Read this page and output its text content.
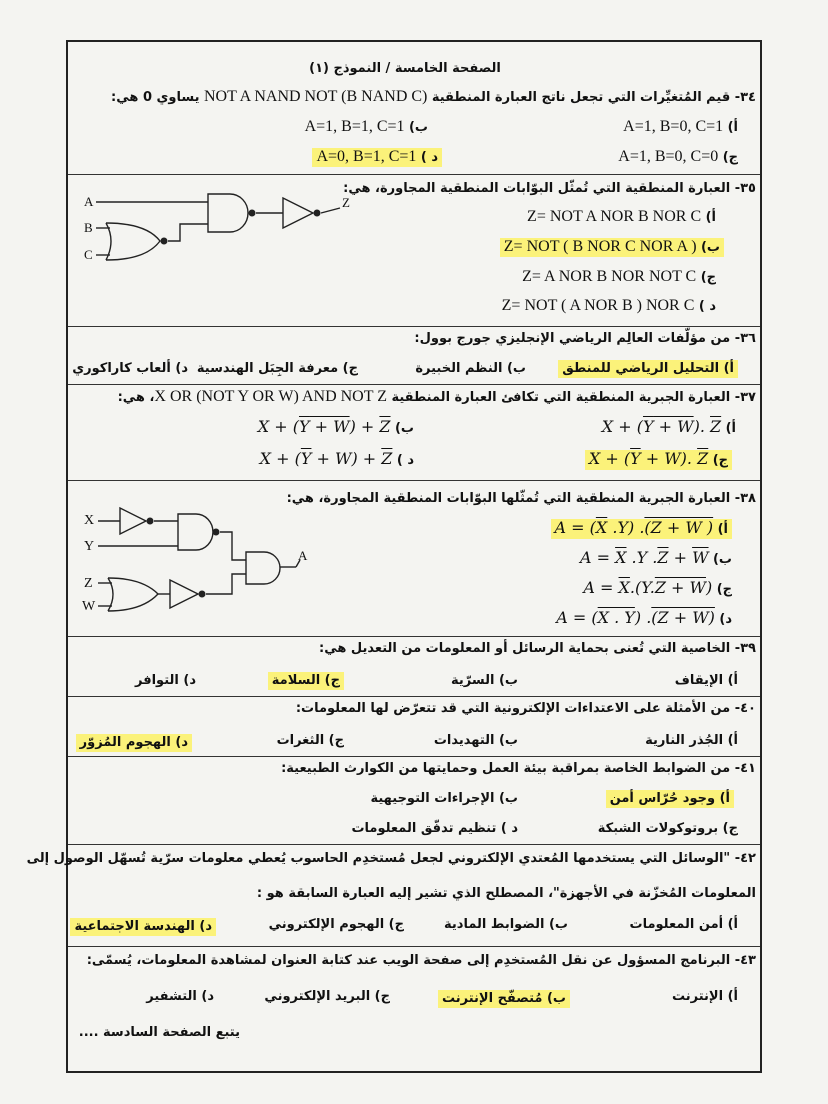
الصفحة الخامسة / النموذج (١)
٣٤- قيم المُتغيِّرات التي تجعل ناتج العبارة المنطقية NOT A NAND NOT (B NAND C) يساوي 0 هي:
أ) A=1, B=0, C=1
ب) A=1, B=1, C=1
ج) A=1, B=0, C=0
د ) A=0, B=1, C=1
٣٥- العبارة المنطقية التي تُمثّل البوّابات المنطقية المجاورة، هي:
أ) Z= NOT A NOR B NOR C
ب) Z= NOT ( B NOR C NOR A )
ج) Z= A NOR B NOR NOT C
د ) Z= NOT ( A NOR B ) NOR C
A
B
C
Z
٣٦- من مؤلّفات العالِم الرياضي الإنجليزي جورج بوول:
أ) التحليل الرياضي للمنطق
ب) النظم الخبيرة
ج) معرفة الجِبَل الهندسية
د) ألعاب كاراكوري
٣٧- العبارة الجبرية المنطقية التي تكافئ العبارة المنطقية X OR (NOT Y OR W) AND NOT Z، هي:
أ) X + (Y + W). $\overline{Z}$
ب) $X + (Y + W) + \overline{Z}$
ج) $X + (\overline{Y} + W)$. $\overline{Z}$
د ) $X + (\overline{Y} + W) + \overline{Z}$
٣٨- العبارة الجبرية المنطقية التي تُمثّلها البوّابات المنطقية المجاورة، هي:
أ) $A = (\overline{X}$ .Y) .(Z + W )
ب) $A = \overline{X}$ .Y $.\overline{Z} + \overline{W}$
ج) $A = \overline{X}.(Y.Z + W)$
د) A = (X . Y) .(Z + W)
X
Y
Z
W
A
٣٩- الخاصية التي تُعنى بحماية الرسائل أو المعلومات من التعديل هي:
أ) الإيقاف
ب) السرّية
ج) السلامة
د) التوافر
٤٠- من الأمثلة على الاعتداءات الإلكترونية التي قد تتعرّض لها المعلومات:
أ) الجُذر النارية
ب) التهديدات
ج) الثغرات
د) الهجوم المُزوّر
٤١- من الضوابط الخاصة بمراقبة بيئة العمل وحمايتها من الكوارث الطبيعية:
أ) وجود حُرّاس أمن
ب) الإجراءات التوجيهية
ج) بروتوكولات الشبكة
د ) تنظيم تدفّق المعلومات
٤٢- "الوسائل التي يستخدمها المُعتدي الإلكتروني لجعل مُستخدِم الحاسوب يُعطي معلومات سرّية تُسهّل الوصول إلى
المعلومات المُخزّنة في الأجهزة"، المصطلح الذي تشير إليه العبارة السابقة هو :
أ) أمن المعلومات
ب) الضوابط المادية
ج) الهجوم الإلكتروني
د) الهندسة الاجتماعية
٤٣- البرنامج المسؤول عن نقل المُستخدِم إلى صفحة الويب عند كتابة العنوان لمشاهدة المعلومات، يُسمّى:
أ) الإنترنت
ب) مُتصفّح الإنترنت
ج) البريد الإلكتروني
د) التشفير
يتبع الصفحة السادسة ....
